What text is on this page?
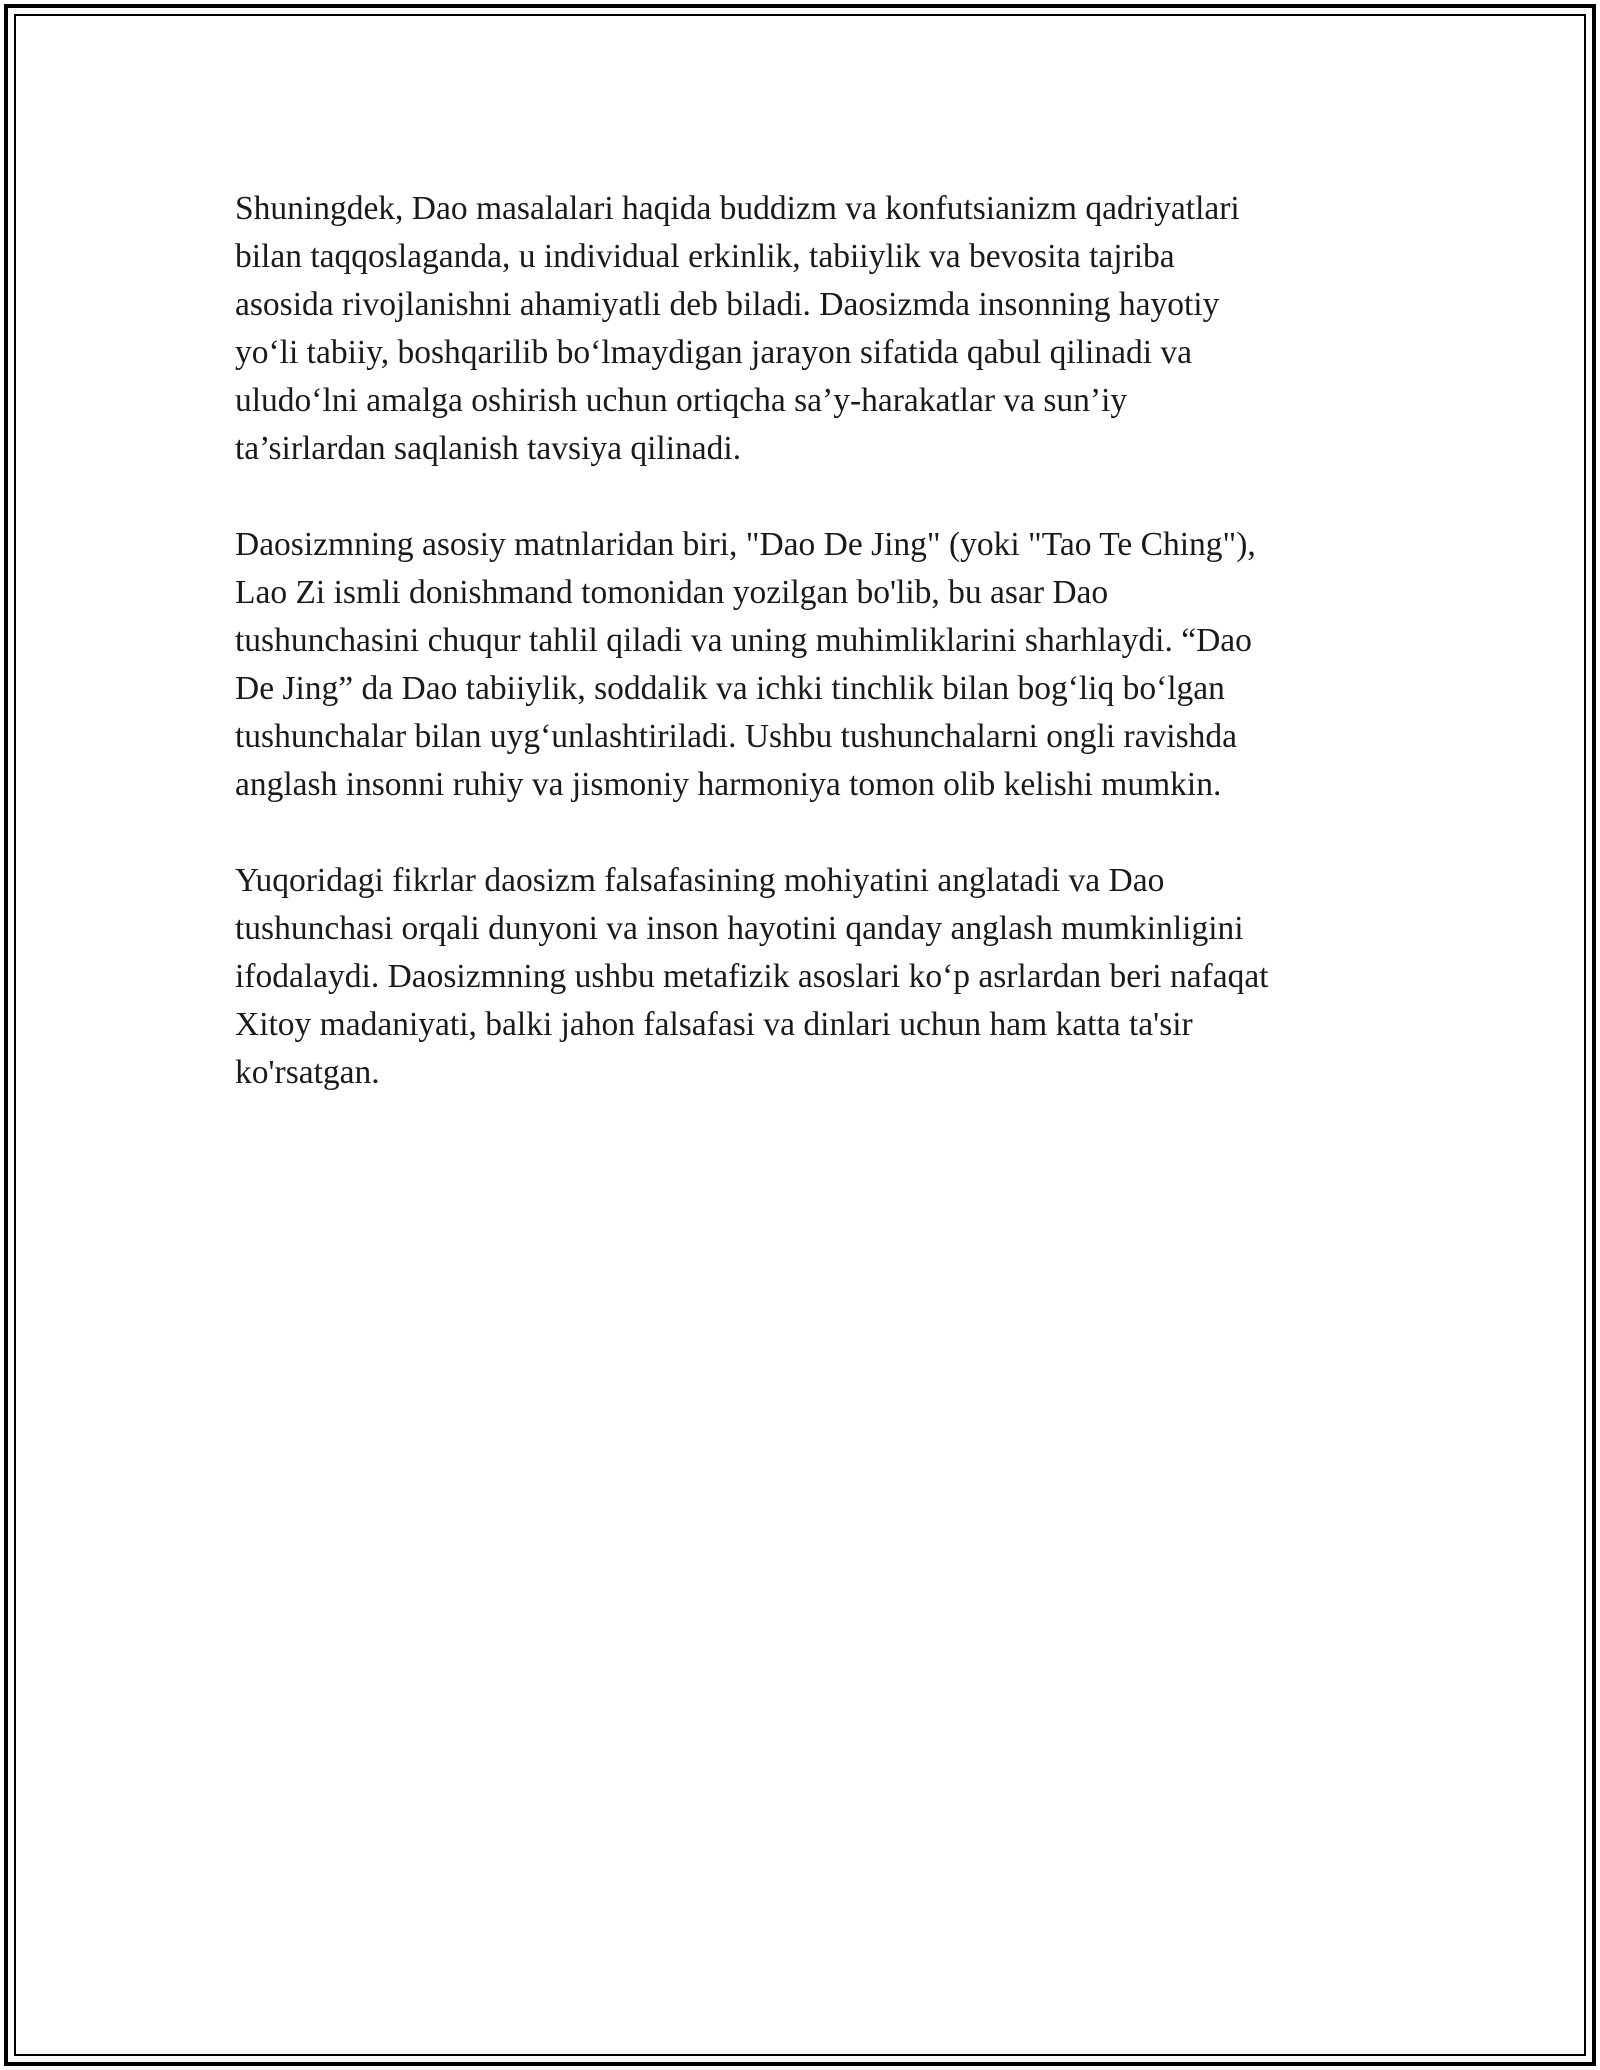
Shuningdek, Dao masalalari haqida buddizm va konfutsianizm qadriyatlari
bilan taqqoslaganda, u individual erkinlik, tabiiylik va bevosita tajriba
asosida rivojlanishni ahamiyatli deb biladi. Daosizmda insonning hayotiy
yo‘li tabiiy, boshqarilib bo‘lmaydigan jarayon sifatida qabul qilinadi va
uludo‘lni amalga oshirish uchun ortiqcha sa’y-harakatlar va sun’iy
ta’sirlardan saqlanish tavsiya qilinadi.

Daosizmning asosiy matnlaridan biri, "Dao De Jing" (yoki "Tao Te Ching"),
Lao Zi ismli donishmand tomonidan yozilgan bo'lib, bu asar Dao
tushunchasini chuqur tahlil qiladi va uning muhimliklarini sharhlaydi. “Dao
De Jing” da Dao tabiiylik, soddalik va ichki tinchlik bilan bog‘liq bo‘lgan
tushunchalar bilan uyg‘unlashtiriladi. Ushbu tushunchalarni ongli ravishda
anglash insonni ruhiy va jismoniy harmoniya tomon olib kelishi mumkin.

Yuqoridagi fikrlar daosizm falsafasining mohiyatini anglatadi va Dao
tushunchasi orqali dunyoni va inson hayotini qanday anglash mumkinligini
ifodalaydi. Daosizmning ushbu metafizik asoslari ko‘p asrlardan beri nafaqat
Xitoy madaniyati, balki jahon falsafasi va dinlari uchun ham katta ta'sir
ko'rsatgan.
